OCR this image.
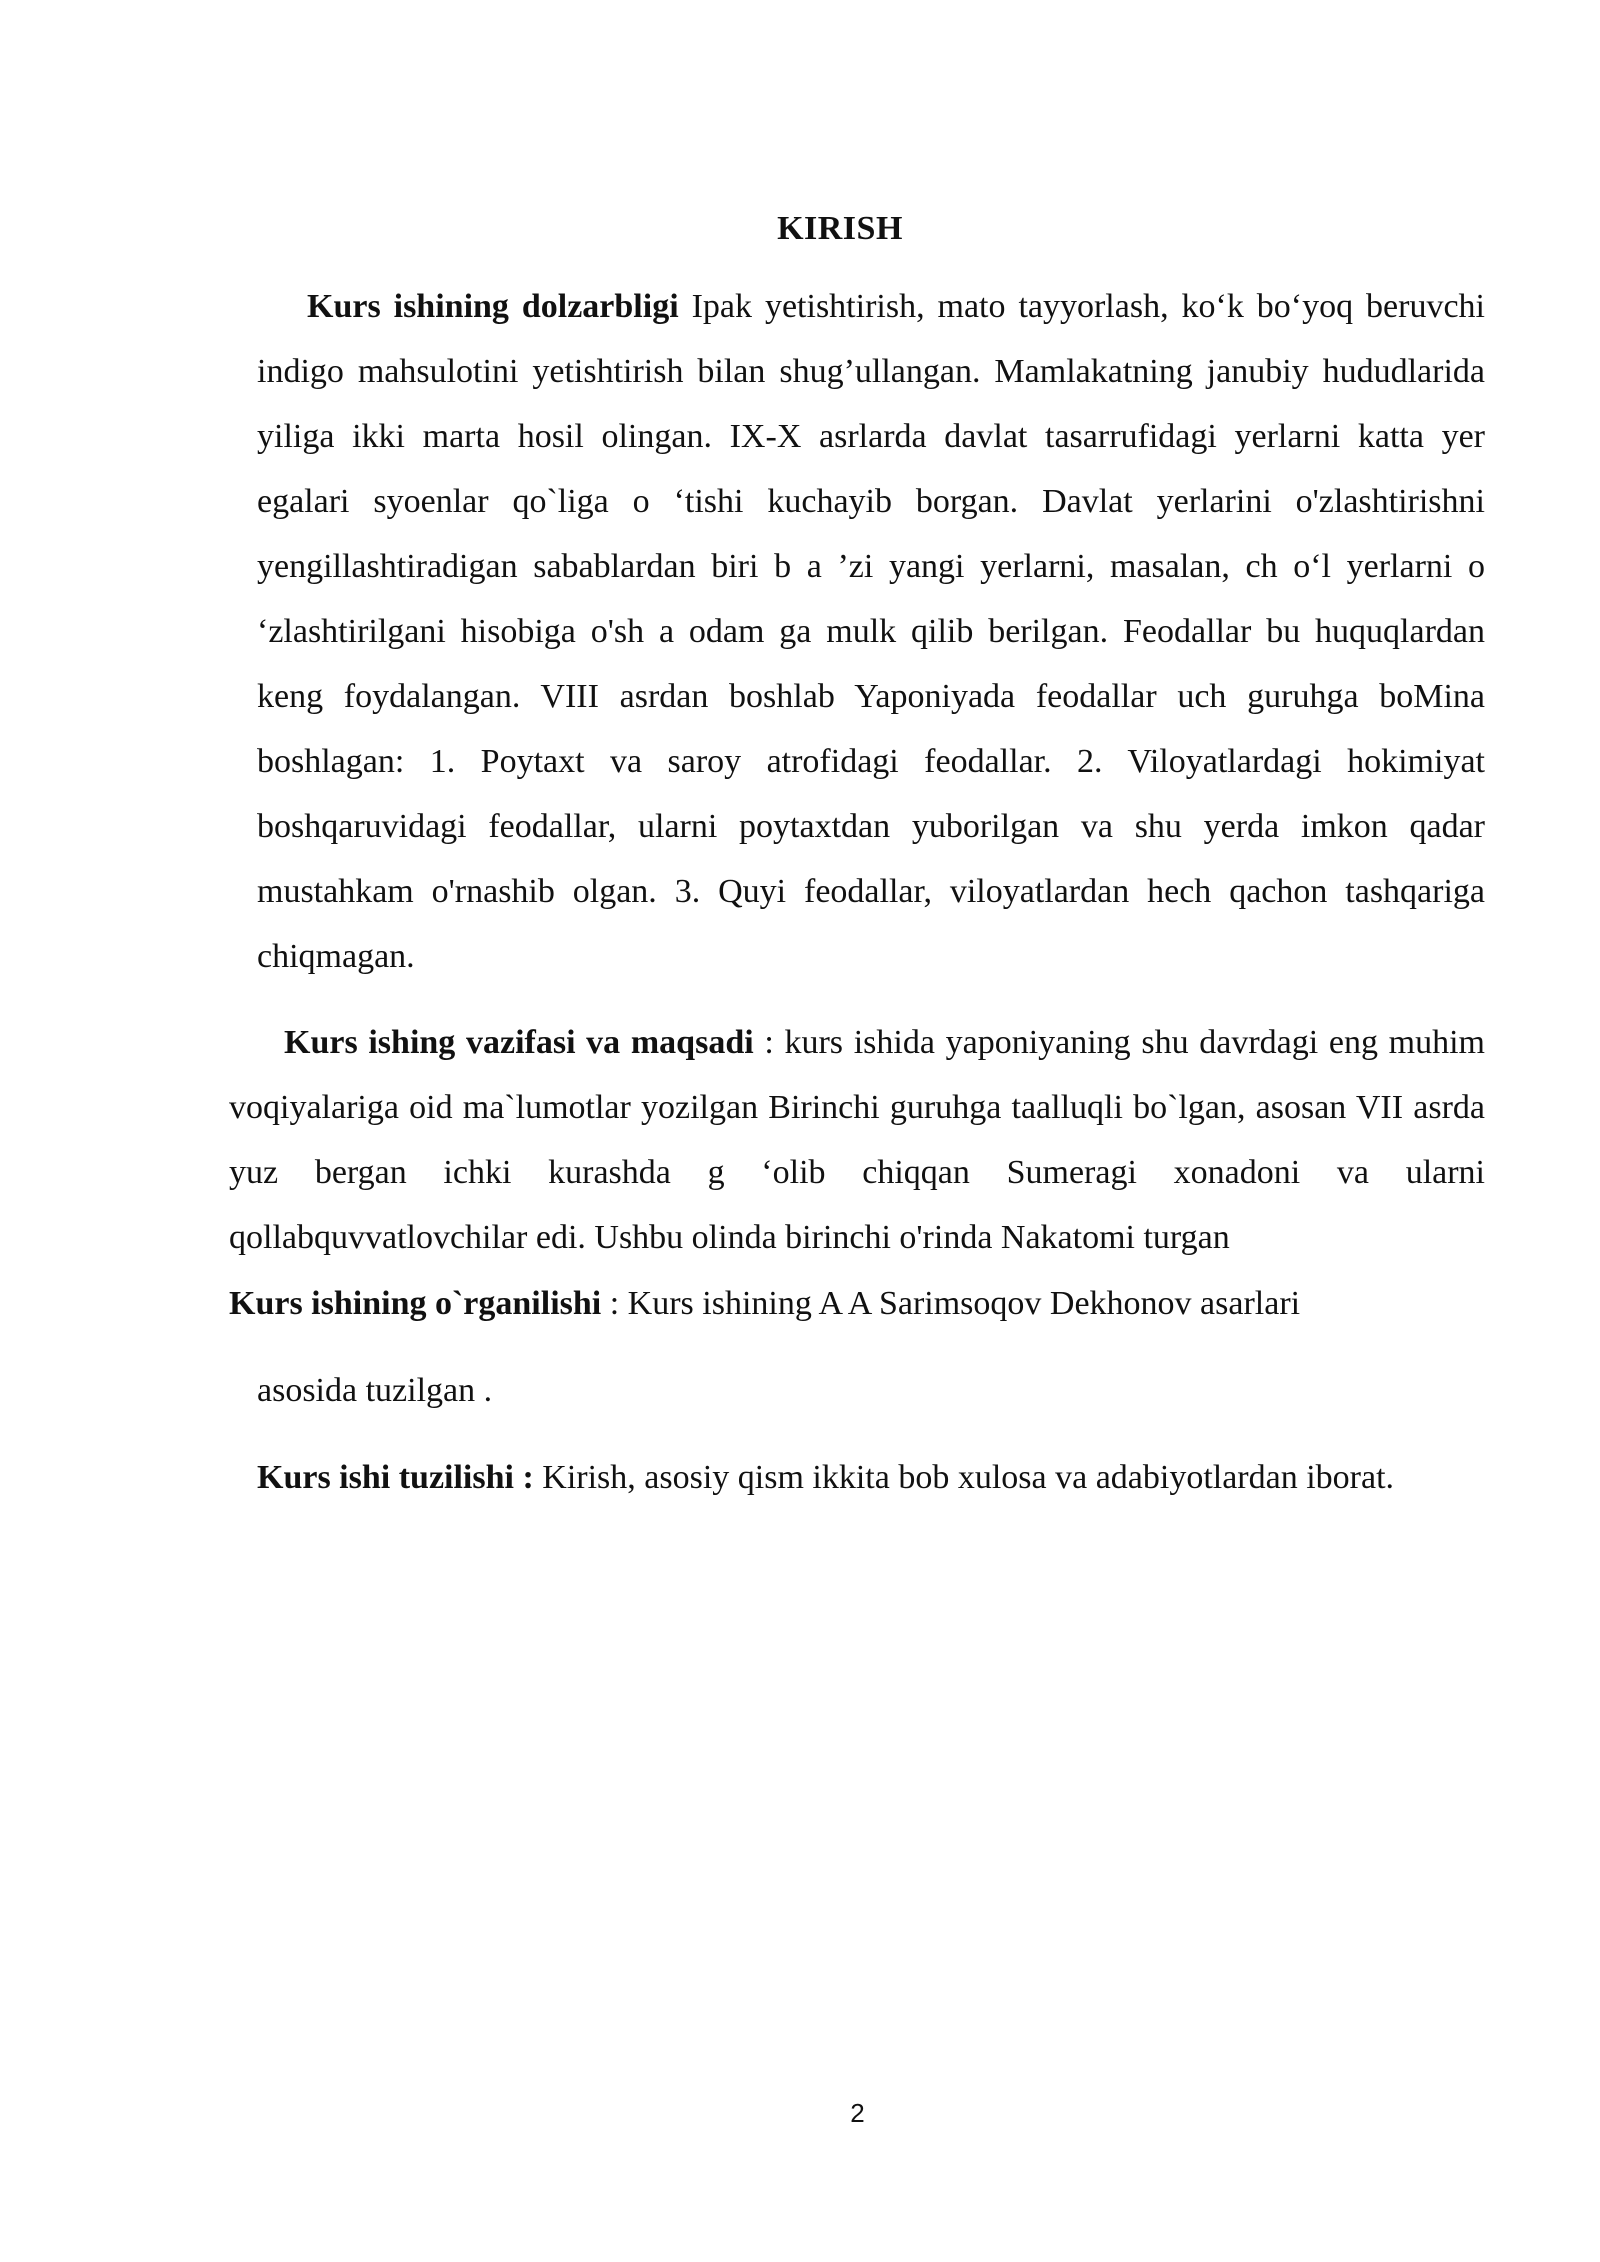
KIRISH

Kurs ishining dolzarbligi Ipak yetishtirish, mato tayyorlash, ko‘k bo‘yoq beruvchi indigo mahsulotini yetishtirish bilan shug’ullangan. Mamlakatning janubiy hududlarida yiliga ikki marta hosil olingan. IX-X asrlarda davlat tasarrufidagi yerlarni katta yer egalari syoenlar qo`liga o ‘tishi kuchayib borgan. Davlat yerlarini o'zlashtirishni yengillashtiradigan sabablardan biri b a ’zi yangi yerlarni, masalan, ch o‘l yerlarni o ‘zlashtirilgani hisobiga o'sh a odam ga mulk qilib berilgan. Feodallar bu huquqlardan keng foydalangan. VIII asrdan boshlab Yaponiyada feodallar uch guruhga boMina boshlagan: 1. Poytaxt va saroy atrofidagi feodallar. 2. Viloyatlardagi hokimiyat boshqaruvidagi feodallar, ularni poytaxtdan yuborilgan va shu yerda imkon qadar mustahkam o'rnashib olgan. 3. Quyi feodallar, viloyatlardan hech qachon tashqariga chiqmagan.

Kurs ishing vazifasi va maqsadi : kurs ishida yaponiyaning shu davrdagi eng muhim voqiyalariga oid ma`lumotlar yozilgan Birinchi guruhga taalluqli bo`lgan, asosan VII asrda yuz bergan ichki kurashda g ‘olib chiqqan Sumeragi xonadoni va ularni qollabquvvatlovchilar edi. Ushbu olinda birinchi o'rinda Nakatomi turgan

Kurs ishining o`rganilishi : Kurs ishining A A Sarimsoqov Dekhonov asarlari

asosida tuzilgan .

Kurs ishi tuzilishi : Kirish, asosiy qism ikkita bob xulosa va adabiyotlardan iborat.

2
